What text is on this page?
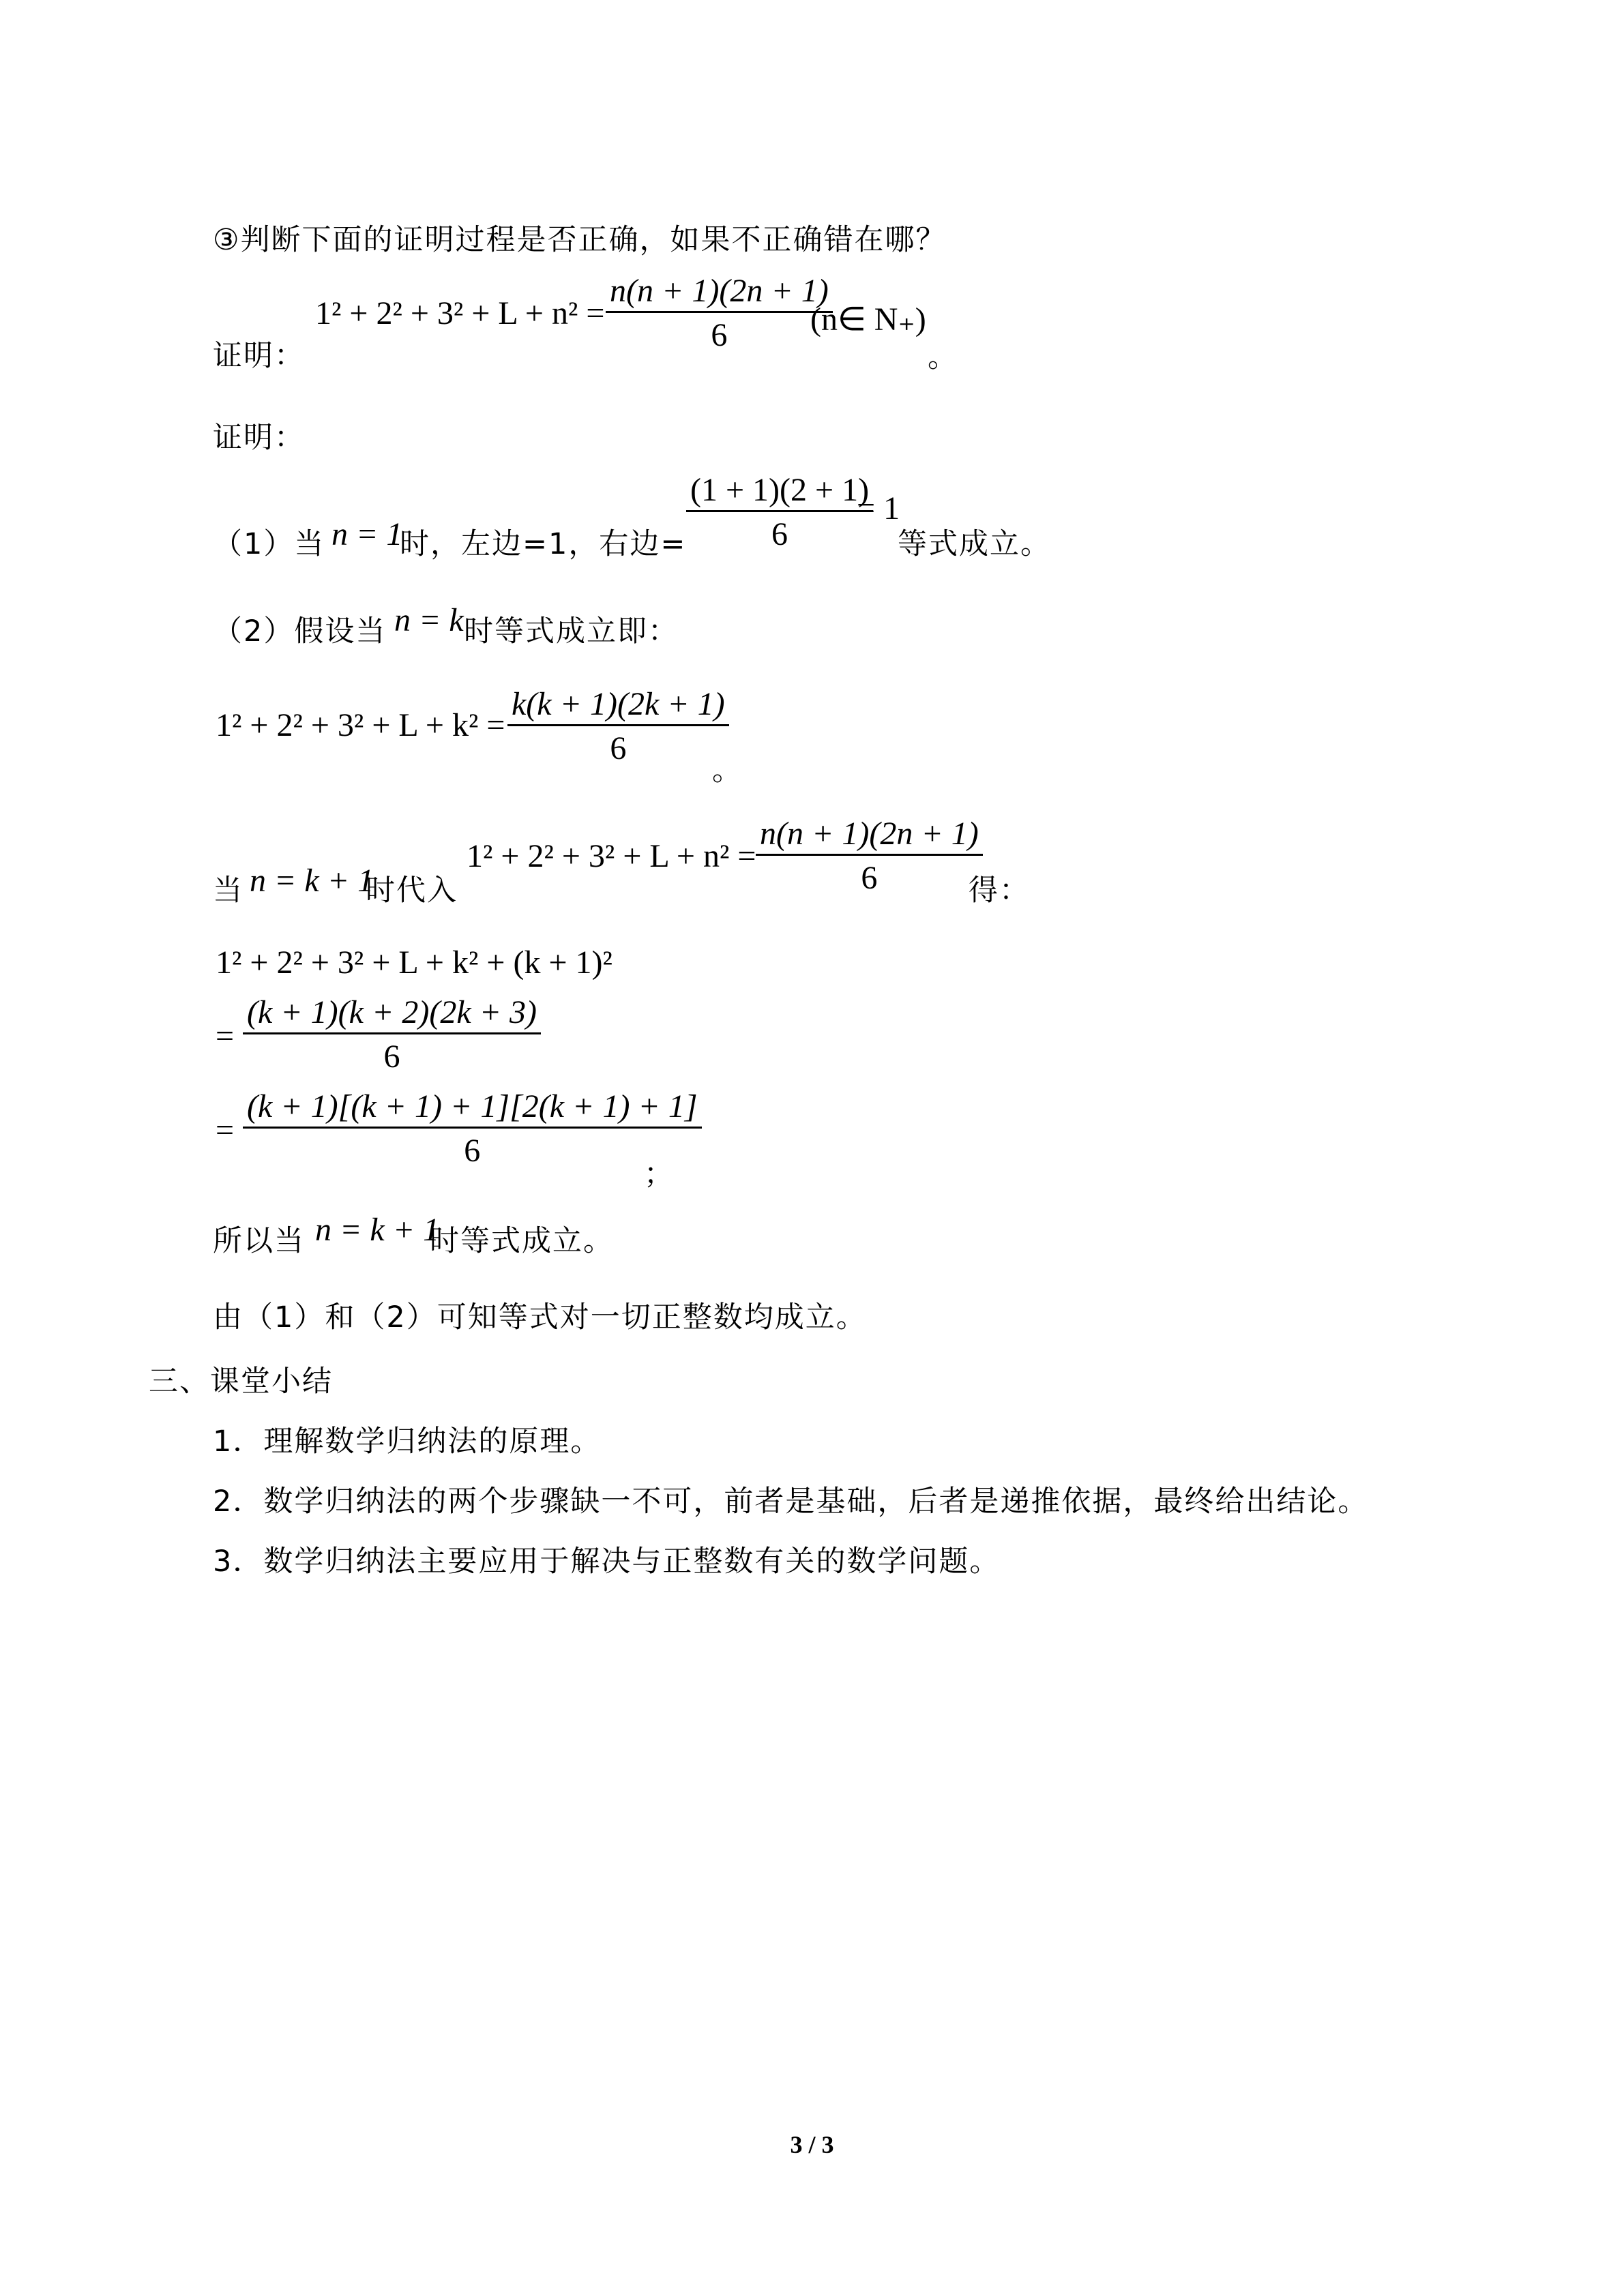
③判断下面的证明过程是否正确，如果不正确错在哪？
证明：
$1^2 + 2^2 + 3^2 + L + n^2 = \frac{n(n + 1)(2n + 1)}{6}$
(n∈ N₊)
。
证明：
（1）当 n = 1
时，左边=1，右边= $\frac{(1 + 1)(2 + 1)}{6}$
= 1
等式成立。
（2）假设当 n = k 时等式成立即：
$1^2 + 2^2 + 3^2 + L + k^2 = \frac{k(k + 1)(2k + 1)}{6}$
。
当 n = k + 1
时代入
$1^2 + 2^2 + 3^2 + L + n^2 = \frac{n(n + 1)(2n + 1)}{6}$
得：
1² + 2² + 3² + L + k² + (k + 1)²
= $\frac{(k + 1)(k + 2)(2k + 3)}{6}$
= $\frac{(k + 1)[(k + 1) + 1][2(k + 1) + 1]}{6}$
；
所以当 n = k + 1
时等式成立。
由（1）和（2）可知等式对一切正整数均成立。
三、课堂小结
1．理解数学归纳法的原理。
2．数学归纳法的两个步骤缺一不可，前者是基础，后者是递推依据，最终给出结论。
3．数学归纳法主要应用于解决与正整数有关的数学问题。
3 / 3
